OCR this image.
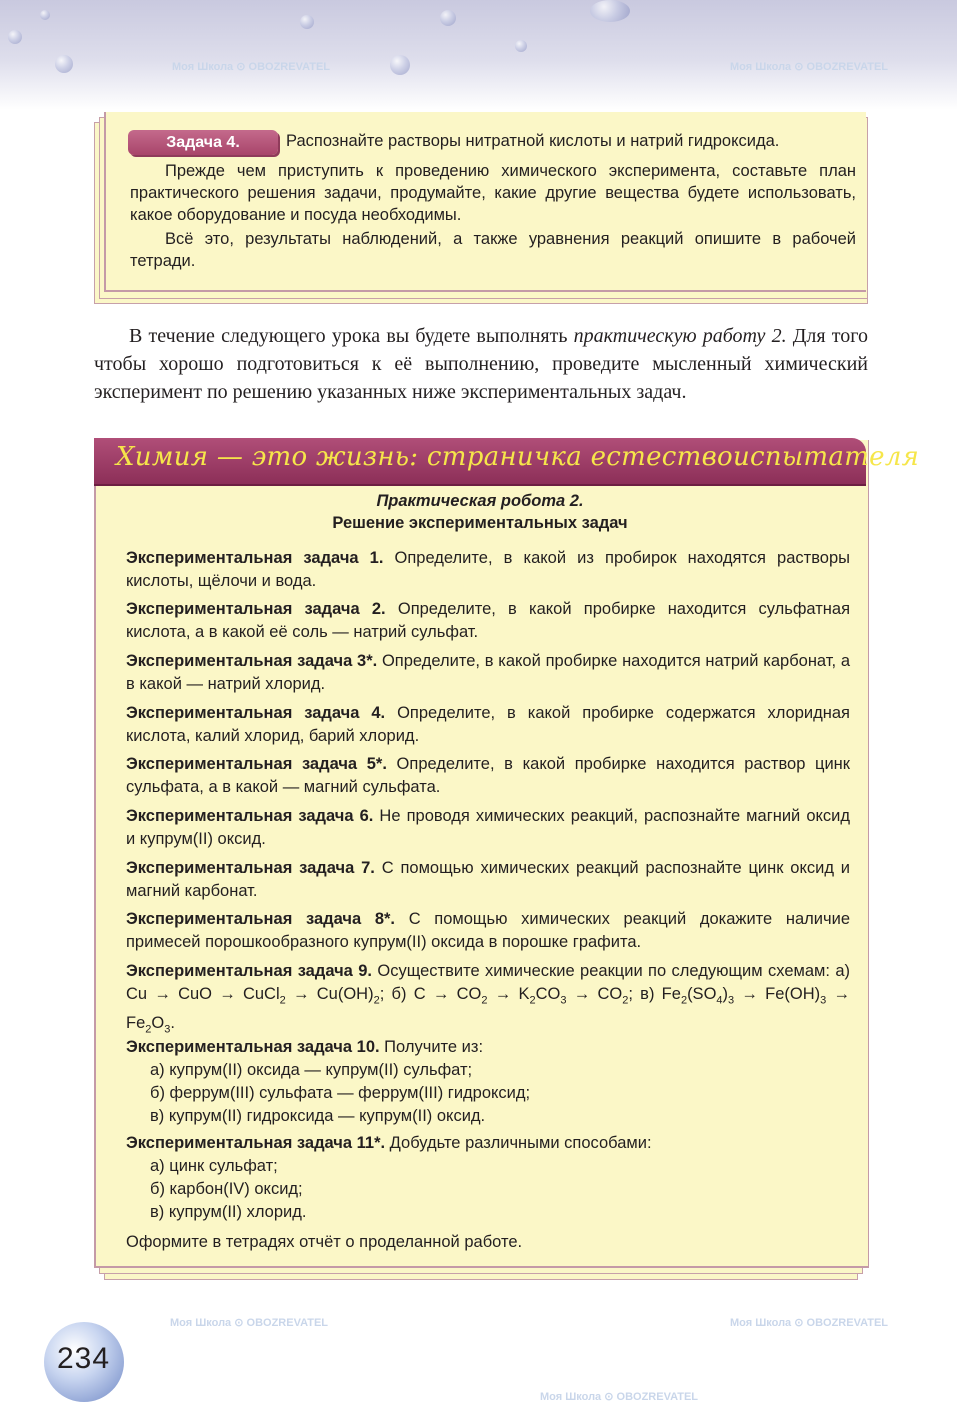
Моя Школа ⊙ OBOZREVATEL	Моя Школа ⊙ OBOZREVATEL
Моя Школа ⊙ OBOZREVATEL	Моя Школа ⊙ OBOZREVATEL
Моя Школа ⊙ OBOZREVATEL
Задача 4.	Распознайте растворы нитратной кислоты и натрий гидроксида.

Прежде чем приступить к проведению химического эксперимента, составьте план практического решения задачи, продумайте, какие другие вещества будете использовать, какое оборудование и посуда необходимы.

Всё это, результаты наблюдений, а также уравнения реакций опишите в рабочей тетради.

В течение следующего урока вы будете выполнять практическую работу 2. Для того чтобы хорошо подготовиться к её выполнению, проведите мысленный химический эксперимент по решению указанных ниже экспериментальных задач.

Химия — это жизнь: страничка естествоиспытателя
Практическая робота 2.
Решение экспериментальных задач

Экспериментальная задача 1. Определите, в какой из пробирок находятся растворы кислоты, щёлочи и вода.

Экспериментальная задача 2. Определите, в какой пробирке находится сульфатная кислота, а в какой её соль — натрий сульфат.

Экспериментальная задача 3*. Определите, в какой пробирке находится натрий карбонат, а в какой — натрий хлорид.

Экспериментальная задача 4. Определите, в какой пробирке содержатся хлоридная кислота, калий хлорид, барий хлорид.

Экспериментальная задача 5*. Определите, в какой пробирке находится раствор цинк сульфата, а в какой — магний сульфата.

Экспериментальная задача 6. Не проводя химических реакций, распознайте магний оксид и купрум(II) оксид.

Экспериментальная задача 7. С помощью химических реакций распознайте цинк оксид и магний карбонат.

Экспериментальная задача 8*. С помощью химических реакций докажите наличие примесей порошкообразного купрум(II) оксида в порошке графита.

Экспериментальная задача 9. Осуществите химические реакции по следующим схемам: а) Cu → CuO → CuCl$_2$ → $Cu(OH)_2$; б) $C \to CO_2 \to K_2CO_3 \to CO_2$; в) $Fe_2(SO_4)_3 \to Fe(OH)_3 \to Fe_2O_3$.

Экспериментальная задача 10. Получите из:

а) купрум(II) оксида — купрум(II) сульфат;
б) феррум(III) сульфата — феррум(III) гидроксид;
в) купрум(II) гидроксида — купрум(II) оксид.

Экспериментальная задача 11*. Добудьте различными способами:

а) цинк сульфат;
б) карбон(IV) оксид;
в) купрум(II) хлорид.

Оформите в тетрадях отчёт о проделанной работе.

234
